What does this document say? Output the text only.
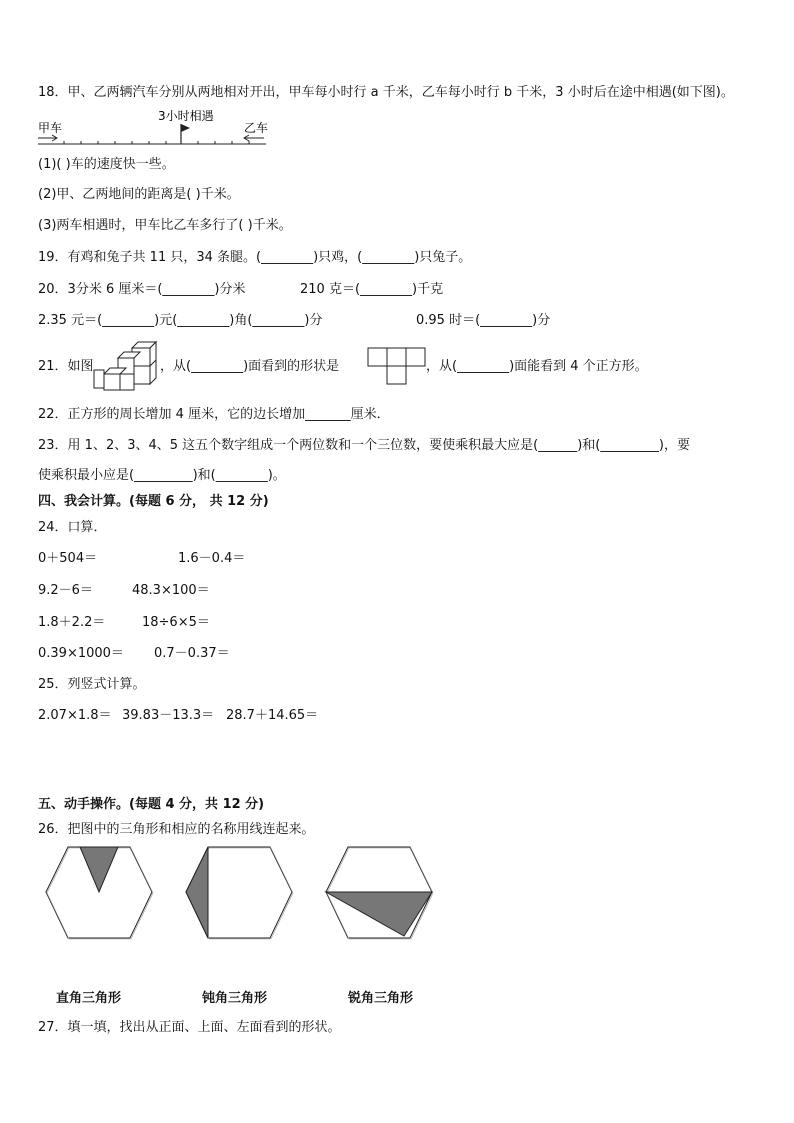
18．甲、乙两辆汽车分别从两地相对开出，甲车每小时行 a 千米，乙车每小时行 b 千米，3 小时后在途中相遇(如下图)。
甲车	乙车
3小时相遇
(1)( )车的速度快一些。
(2)甲、乙两地间的距离是( )千米。
(3)两车相遇时，甲车比乙车多行了( )千米。
19．有鸡和兔子共 11 只，34 条腿。(________)只鸡，(________)只兔子。
20．3分米 6 厘米＝(________)分米	210 克＝(________)千克
2.35 元＝(________)元(________)角(________)分	0.95 时＝(________)分
21．如图	，从(________)面看到的形状是	，从(________)面能看到 4 个正方形。
22．正方形的周长增加 4 厘米，它的边长增加_______厘米．
23．用 1、2、3、4、5 这五个数字组成一个两位数和一个三位数，要使乘积最大应是(______)和(_________)，要
使乘积最小应是(_________)和(________)。
四、我会计算。(每题 6 分， 共 12 分)
24．口算．
0＋504＝	1.6－0.4＝
9.2－6＝	48.3×100＝
1.8＋2.2＝	18÷6×5＝
0.39×1000＝ 0.7－0.37＝
25．列竖式计算。
2.07×1.8＝ 39.83－13.3＝ 28.7＋14.65＝
五、动手操作。(每题 4 分，共 12 分)
26．把图中的三角形和相应的名称用线连起来。
直角三角形	钝角三角形	锐角三角形
27．填一填，找出从正面、上面、左面看到的形状。
